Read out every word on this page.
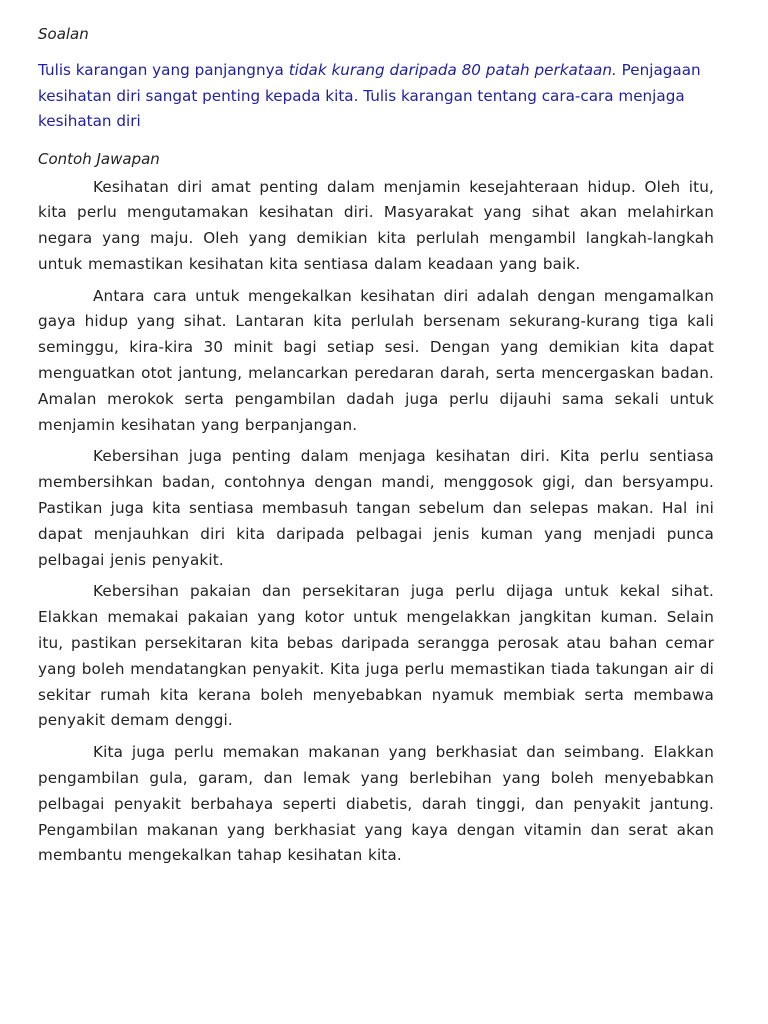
Soalan

Tulis karangan yang panjangnya tidak kurang daripada 80 patah perkataan. Penjagaan kesihatan diri sangat penting kepada kita. Tulis karangan tentang cara-cara menjaga kesihatan diri

Contoh Jawapan

Kesihatan diri amat penting dalam menjamin kesejahteraan hidup. Oleh itu, kita perlu mengutamakan kesihatan diri. Masyarakat yang sihat akan melahirkan negara yang maju. Oleh yang demikian kita perlulah mengambil langkah-langkah untuk memastikan kesihatan kita sentiasa dalam keadaan yang baik.

Antara cara untuk mengekalkan kesihatan diri adalah dengan mengamalkan gaya hidup yang sihat. Lantaran kita perlulah bersenam sekurang-kurang tiga kali seminggu, kira-kira 30 minit bagi setiap sesi. Dengan yang demikian kita dapat menguatkan otot jantung, melancarkan peredaran darah, serta mencergaskan badan. Amalan merokok serta pengambilan dadah juga perlu dijauhi sama sekali untuk menjamin kesihatan yang berpanjangan.

Kebersihan juga penting dalam menjaga kesihatan diri. Kita perlu sentiasa membersihkan badan, contohnya dengan mandi, menggosok gigi, dan bersyampu. Pastikan juga kita sentiasa membasuh tangan sebelum dan selepas makan. Hal ini dapat menjauhkan diri kita daripada pelbagai jenis kuman yang menjadi punca pelbagai jenis penyakit.

Kebersihan pakaian dan persekitaran juga perlu dijaga untuk kekal sihat. Elakkan memakai pakaian yang kotor untuk mengelakkan jangkitan kuman. Selain itu, pastikan persekitaran kita bebas daripada serangga perosak atau bahan cemar yang boleh mendatangkan penyakit. Kita juga perlu memastikan tiada takungan air di sekitar rumah kita kerana boleh menyebabkan nyamuk membiak serta membawa penyakit demam denggi.

Kita juga perlu memakan makanan yang berkhasiat dan seimbang. Elakkan pengambilan gula, garam, dan lemak yang berlebihan yang boleh menyebabkan pelbagai penyakit berbahaya seperti diabetis, darah tinggi, dan penyakit jantung. Pengambilan makanan yang berkhasiat yang kaya dengan vitamin dan serat akan membantu mengekalkan tahap kesihatan kita.
